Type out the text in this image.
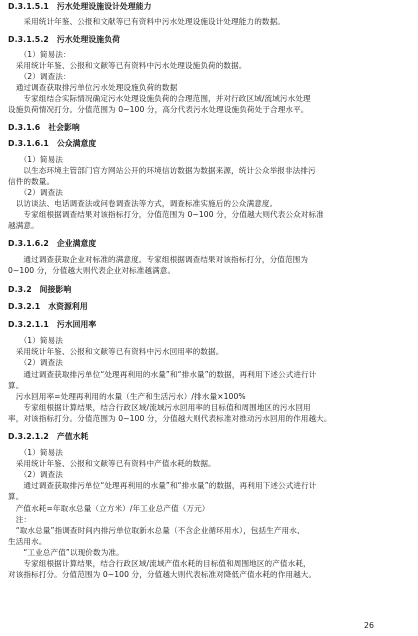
D.3.1.5.1　污水处理设施设计处理能力
　　采用统计年鉴、公报和文献等已有资料中污水处理设施设计处理能力的数据。
D.3.1.5.2　污水处理设施负荷
　　（1）简易法：
　采用统计年鉴、公报和文献等已有资料中污水处理设施负荷的数据。
　　（2）调查法：
　通过调查获取排污单位污水处理设施负荷的数据
　　专家组结合实际情况确定污水处理设施负荷的合理范围，并对行政区域/流域污水处理
设施负荷情况打分。分值范围为 0~100 分，高分代表污水处理设施负荷处于合理水平。
D.3.1.6　社会影响
D.3.1.6.1　公众满意度
　　（1）简易法
　　以生态环境主管部门官方网站公开的环境信访数据为数据来源，统计公众举报非法排污
信件的数量。
　　（2）调查法
　以访谈法、电话调查法或问卷调查法等方式，调查标准实施后的公众满意度。
　　专家组根据调查结果对该指标打分，分值范围为 0~100 分，分值越大则代表公众对标准
越满意。
D.3.1.6.2　企业满意度
　　通过调查获取企业对标准的满意度。专家组根据调查结果对该指标打分，分值范围为
0~100 分，分值越大则代表企业对标准越满意。
D.3.2　间接影响
D.3.2.1　水资源利用
D.3.2.1.1　污水回用率
　　（1）简易法
　采用统计年鉴、公报和文献等已有资料中污水回用率的数据。
　　（2）调查法
　　通过调查获取排污单位“处理再利用的水量”和“排水量”的数据，再利用下述公式进行计
算。
　污水回用率=处理再利用的水量（生产和生活污水）/排水量×100%
　　专家组根据计算结果，结合行政区域/流域污水回用率的目标值和周围地区的污水回用
率，对该指标打分。分值范围为 0~100 分，分值越大则代表标准对推动污水回用的作用越大。
D.3.2.1.2　产值水耗
　　（1）简易法
　采用统计年鉴、公报和文献等已有资料中产值水耗的数据。
　　（2）调查法
　　通过调查获取排污单位“处理再利用的水量”和“排水量”的数据，再利用下述公式进行计
算。
　产值水耗=年取水总量（立方米）/年工业总产值（万元）
　注：
　“取水总量”指调查时间内排污单位取新水总量（不含企业循环用水），包括生产用水、
生活用水。
　　“工业总产值”以现价数为准。
　　专家组根据计算结果，结合行政区域/流域产值水耗的目标值和周围地区的产值水耗，
对该指标打分。分值范围为 0~100 分，分值越大则代表标准对降低产值水耗的作用越大。
26
